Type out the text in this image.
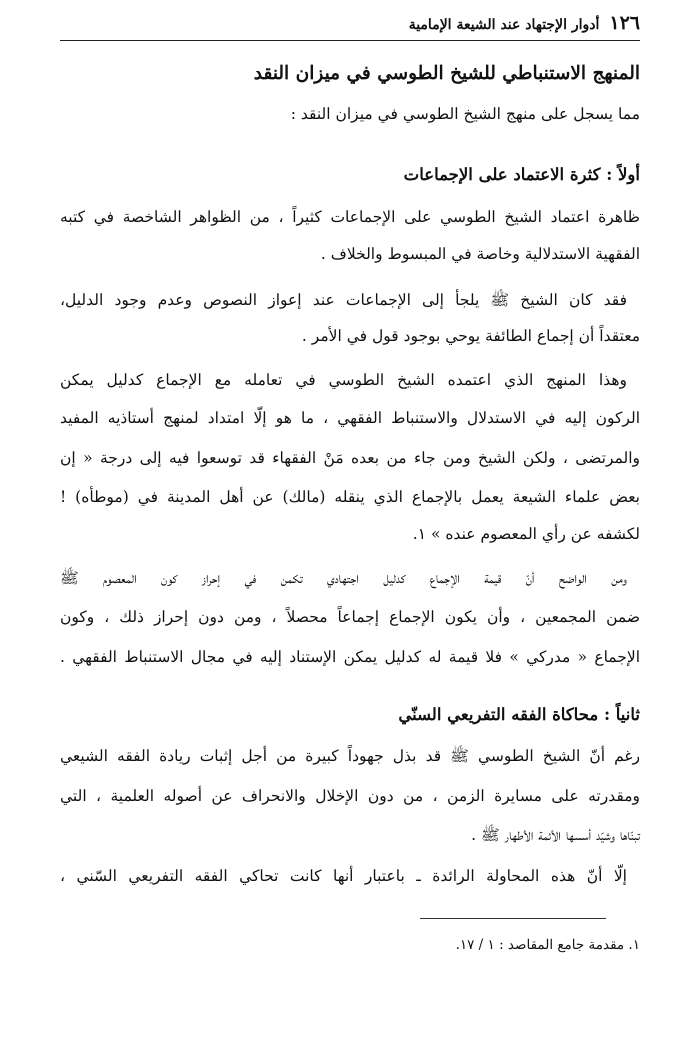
١٢٦
أدوار الإجتهاد عند الشيعة الإمامية
المنهج الاستنباطي للشيخ الطوسي في ميزان النقد
مما يسجل على منهج الشيخ الطوسي في ميزان النقد :
أولاً : كثرة الاعتماد على الإجماعات
ظاهرة اعتماد الشيخ الطوسي على الإجماعات كثيراً ، من الظواهر الشاخصة في كتبه
الفقهية الاستدلالية وخاصة في المبسوط والخلاف .
فقد كان الشيخ ﷺ يلجأ إلى الإجماعات عند إعواز النصوص وعدم وجود الدليل،
معتقداً أن إجماع الطائفة يوحي بوجود قول في الأمر .
وهذا المنهج الذي اعتمده الشيخ الطوسي في تعامله مع الإجماع كدليل يمكن
الركون إليه في الاستدلال والاستنباط الفقهي ، ما هو إلّا امتداد لمنهج أستاذيه المفيد
والمرتضى ، ولكن الشيخ ومن جاء من بعده مَنْ الفقهاء قد توسعوا فيه إلى درجة « إن
بعض علماء الشيعة يعمل بالإجماع الذي ينقله (مالك) عن أهل المدينة في (موطأه) !
لكشفه عن رأي المعصوم عنده » ١.
ومن الواضح أنّ قيمة الإجماع كدليل اجتهادي تكمن في إحراز كون المعصوم ﷺ
ضمن المجمعين ، وأن يكون الإجماع إجماعاً محصلاً ، ومن دون إحراز ذلك ، وكون
الإجماع « مدركي » فلا قيمة له كدليل يمكن الإستناد إليه في مجال الاستنباط الفقهي .
ثانياً : محاكاة الفقه التفريعي السنّي
رغم أنّ الشيخ الطوسي ﷺ قد بذل جهوداً كبيرة من أجل إثبات ريادة الفقه الشيعي
ومقدرته على مسايرة الزمن ، من دون الإخلال والانحراف عن أصوله العلمية ، التي
تبنّاها وشيّد أسسها الأئمة الأطهار ﷺ .
إلّا أنّ هذه المحاولة الرائدة ـ باعتبار أنها كانت تحاكي الفقه التفريعي السّني ،
١. مقدمة جامع المقاصد : ١ / ١٧.
